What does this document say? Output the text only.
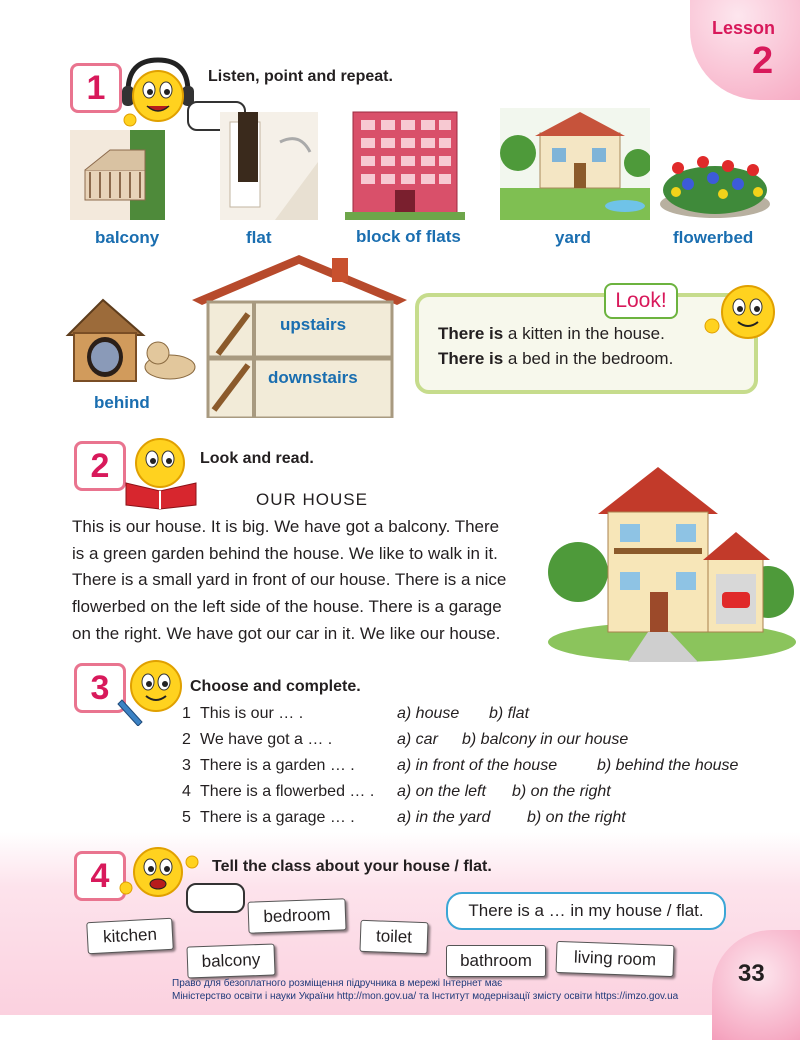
Lesson
2
1	Listen, point and repeat.
balcony	flat	block of flats	yard	flowerbed
upstairs
downstairs
behind
Look!
There is a kitten in the house.
There is a bed in the bedroom.
2	Look and read.
OUR HOUSE
This is our house. It is big. We have got a balcony. There
is a green garden behind the house. We like to walk in it.
There is a small yard in front of our house. There is a nice
flowerbed on the left side of the house. There is a garage
on the right. We have got our car in it. We like our house.
3	Choose and complete.
1 This is our … .	a) house b) flat
2 We have got a … .	a) car b) balcony in our house
3 There is a garden … .	a) in front of the house b) behind the house
4 There is a flowerbed … . a) on the left b) on the right
5 There is a garage … .	a) in the yard b) on the right
4	Tell the class about your house / flat.
There is a … in my house / flat.
kitchen
bedroom
toilet
balcony	bathroom	living room
33
Право для безоплатного розміщення підручника в мережі Інтернет має
Міністерство освіти і науки України http://mon.gov.ua/ та Інститут модернізації змісту освіти https://imzo.gov.ua
